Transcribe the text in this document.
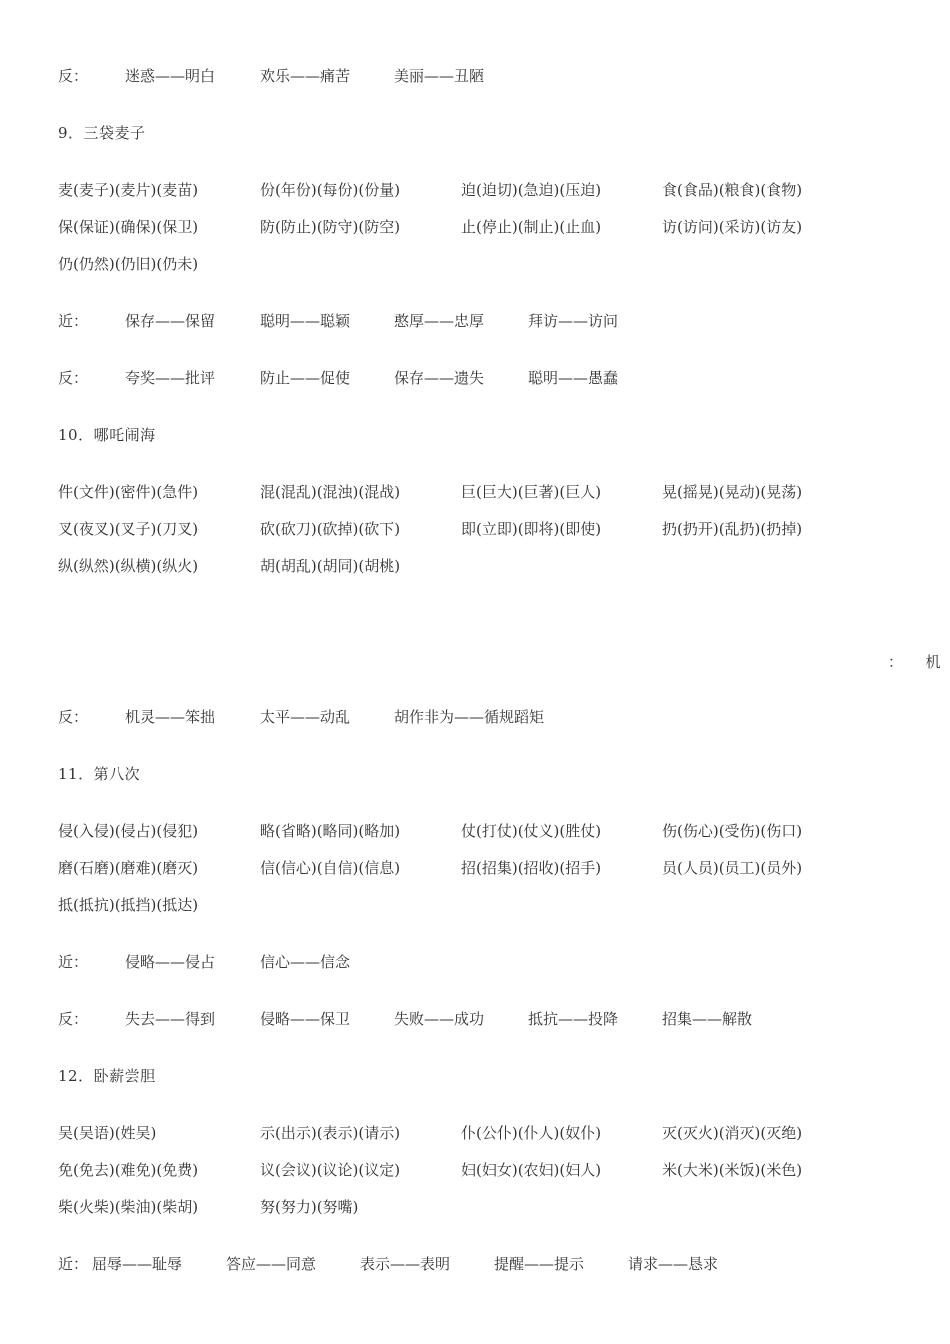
反： 迷惑——明白	欢乐——痛苦	美丽——丑陋
9．三袋麦子
麦(麦子)(麦片)(麦苗)	份(年份)(每份)(份量)	迫(迫切)(急迫)(压迫)	食(食品)(粮食)(食物)
保(保证)(确保)(保卫)	防(防止)(防守)(防空)	止(停止)(制止)(止血)	访(访问)(采访)(访友)
仍(仍然)(仍旧)(仍未)
近： 保存——保留	聪明——聪颖	憨厚——忠厚	拜访——访问
反： 夸奖——批评	防止——促使	保存——遗失	聪明——愚蠢
10．哪吒闹海
件(文件)(密件)(急件)	混(混乱)(混浊)(混战)	巨(巨大)(巨著)(巨人)	晃(摇晃)(晃动)(晃荡)
叉(夜叉)(叉子)(刀叉)	砍(砍刀)(砍掉)(砍下)	即(立即)(即将)(即使)	扔(扔开)(乱扔)(扔掉)
纵(纵然)(纵横)(纵火)	胡(胡乱)(胡同)(胡桃)
：　　机
反： 机灵——笨拙	太平——动乱	胡作非为——循规蹈矩
11．第八次
侵(入侵)(侵占)(侵犯)	略(省略)(略同)(略加)	仗(打仗)(仗义)(胜仗)	伤(伤心)(受伤)(伤口)
磨(石磨)(磨难)(磨灭)	信(信心)(自信)(信息)	招(招集)(招收)(招手)	员(人员)(员工)(员外)
抵(抵抗)(抵挡)(抵达)
近： 侵略——侵占	信心——信念
反： 失去——得到	侵略——保卫	失败——成功	抵抗——投降	招集——解散
12．卧薪尝胆
吴(吴语)(姓吴)	示(出示)(表示)(请示)	仆(公仆)(仆人)(奴仆)	灭(灭火)(消灭)(灭绝)
免(免去)(难免)(免费)	议(会议)(议论)(议定)	妇(妇女)(农妇)(妇人)	米(大米)(米饭)(米色)
柴(火柴)(柴油)(柴胡)	努(努力)(努嘴)
近： 屈辱——耻辱	答应——同意	表示——表明	提醒——提示	请求——恳求
